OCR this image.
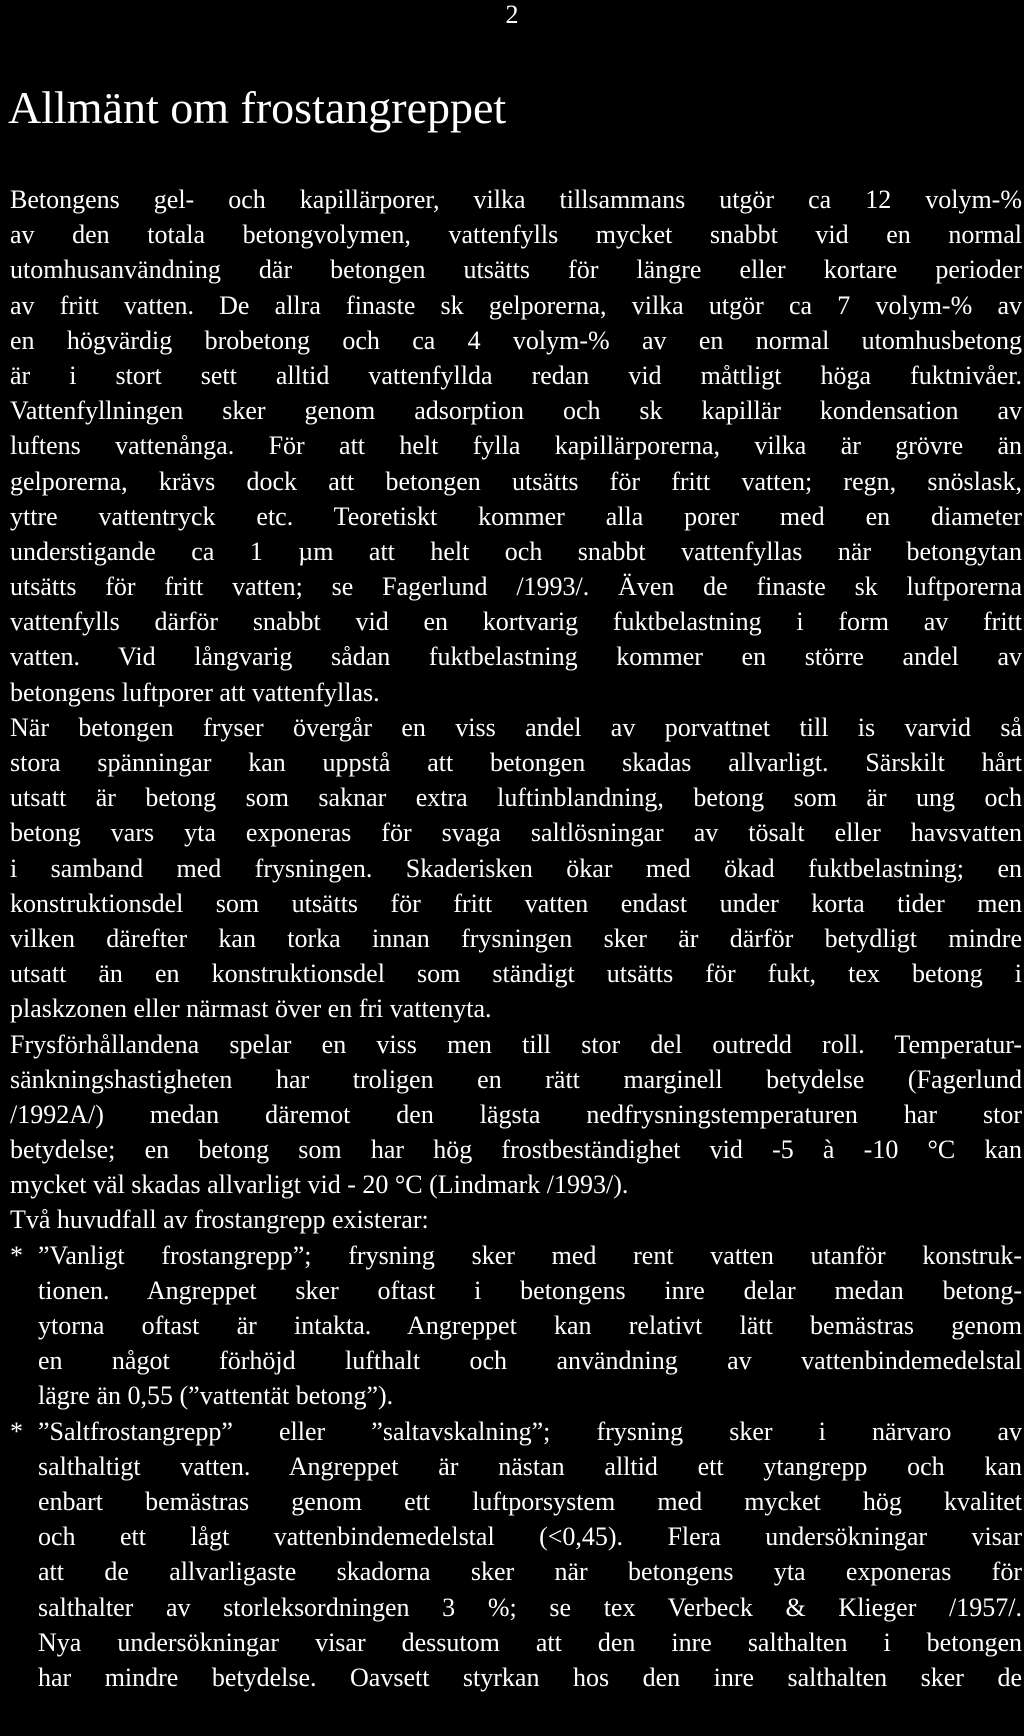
2
Allmänt om frostangreppet
Betongens gel- och kapillärporer, vilka tillsammans utgör ca 12 volym-%
av den totala betongvolymen, vattenfylls mycket snabbt vid en normal
utomhusanvändning där betongen utsätts för längre eller kortare perioder
av fritt vatten. De allra finaste sk gelporerna, vilka utgör ca 7 volym-% av
en högvärdig brobetong och ca 4 volym-% av en normal utomhusbetong
är i stort sett alltid vattenfyllda redan vid måttligt höga fuktnivåer.
Vattenfyllningen sker genom adsorption och sk kapillär kondensation av
luftens vattenånga. För att helt fylla kapillärporerna, vilka är grövre än
gelporerna, krävs dock att betongen utsätts för fritt vatten; regn, snöslask,
yttre vattentryck etc. Teoretiskt kommer alla porer med en diameter
understigande ca 1 µm att helt och snabbt vattenfyllas när betongytan
utsätts för fritt vatten; se Fagerlund /1993/. Även de finaste sk luftporerna
vattenfylls därför snabbt vid en kortvarig fuktbelastning i form av fritt
vatten. Vid långvarig sådan fuktbelastning kommer en större andel av
betongens luftporer att vattenfyllas.
När betongen fryser övergår en viss andel av porvattnet till is varvid så
stora spänningar kan uppstå att betongen skadas allvarligt. Särskilt hårt
utsatt är betong som saknar extra luftinblandning, betong som är ung och
betong vars yta exponeras för svaga saltlösningar av tösalt eller havsvatten
i samband med frysningen. Skaderisken ökar med ökad fuktbelastning; en
konstruktionsdel som utsätts för fritt vatten endast under korta tider men
vilken därefter kan torka innan frysningen sker är därför betydligt mindre
utsatt än en konstruktionsdel som ständigt utsätts för fukt, tex betong i
plaskzonen eller närmast över en fri vattenyta.
Frysförhållandena spelar en viss men till stor del outredd roll. Temperatur-
sänkningshastigheten har troligen en rätt marginell betydelse (Fagerlund
/1992A/) medan däremot den lägsta nedfrysningstemperaturen har stor
betydelse; en betong som har hög frostbeständighet vid -5 à -10 °C kan
mycket väl skadas allvarligt vid - 20 °C (Lindmark /1993/).
Två huvudfall av frostangrepp existerar:
* ”Vanligt frostangrepp”; frysning sker med rent vatten utanför konstruk-
tionen. Angreppet sker oftast i betongens inre delar medan betong-
ytorna oftast är intakta. Angreppet kan relativt lätt bemästras genom
en något förhöjd lufthalt och användning av vattenbindemedelstal
lägre än 0,55 (”vattentät betong”).
* ”Saltfrostangrepp” eller ”saltavskalning”; frysning sker i närvaro av
salthaltigt vatten. Angreppet är nästan alltid ett ytangrepp och kan
enbart bemästras genom ett luftporsystem med mycket hög kvalitet
och ett lågt vattenbindemedelstal (<0,45). Flera undersökningar visar
att de allvarligaste skadorna sker när betongens yta exponeras för
salthalter av storleksordningen 3 %; se tex Verbeck & Klieger /1957/.
Nya undersökningar visar dessutom att den inre salthalten i betongen
har mindre betydelse. Oavsett styrkan hos den inre salthalten sker de
